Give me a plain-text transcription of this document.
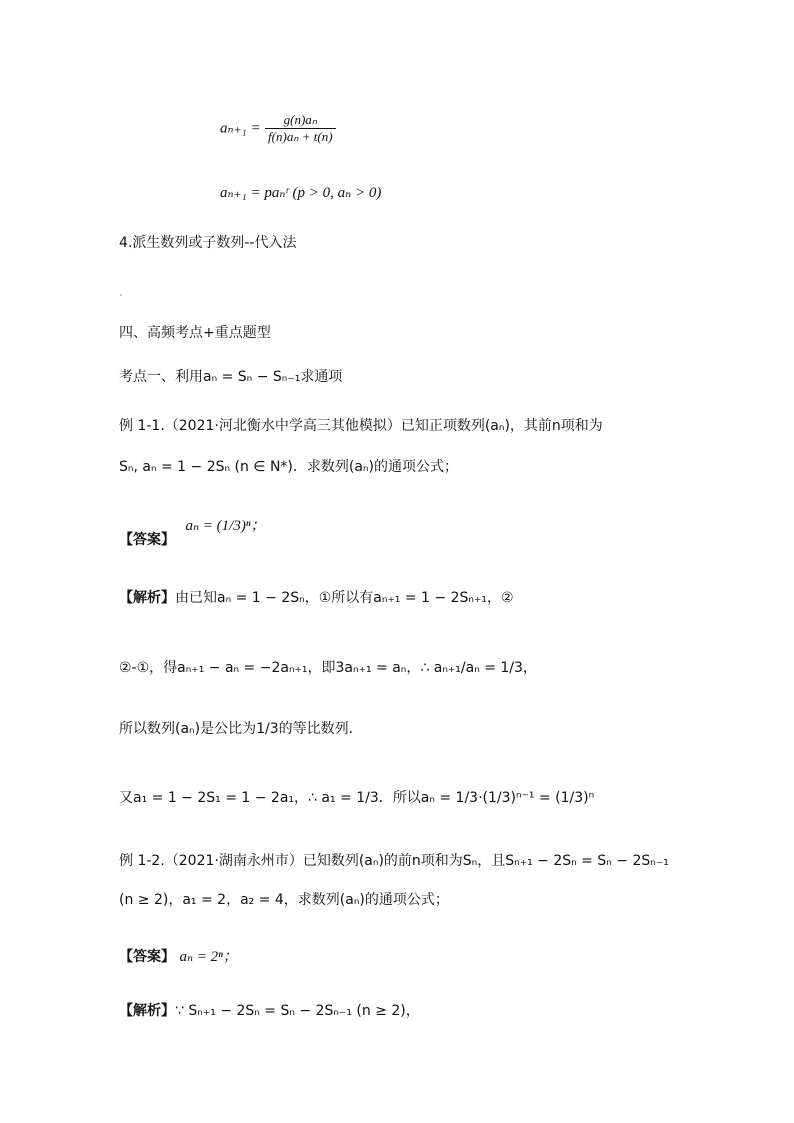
$a_{n+1} = \frac{\text{g(n)aₙ}}{\text{f(n)aₙ + t(n)}}$
aₙ₊₁ = paₙʳ (p > 0, aₙ > 0)
4.派生数列或子数列--代入法
四、高频考点+重点题型
考点一、利用aₙ = Sₙ − Sₙ₋₁求通项
例 1-1.（2021·河北衡水中学高三其他模拟）已知正项数列(aₙ)，其前n项和为
Sₙ, aₙ = 1 − 2Sₙ (n ∈ N*)．求数列(aₙ)的通项公式；
【答案】 aₙ = (1/3)ⁿ；
【解析】由已知aₙ = 1 − 2Sₙ，①所以有aₙ₊₁ = 1 − 2Sₙ₊₁，②
②-①，得aₙ₊₁ − aₙ = −2aₙ₊₁，即3aₙ₊₁ = aₙ，∴ aₙ₊₁/aₙ = 1/3，
所以数列(aₙ)是公比为1/3的等比数列．
又a₁ = 1 − 2S₁ = 1 − 2a₁，∴ a₁ = 1/3．所以aₙ = 1/3·(1/3)ⁿ⁻¹ = (1/3)ⁿ
例 1-2.（2021·湖南永州市）已知数列(aₙ)的前n项和为Sₙ，且Sₙ₊₁ − 2Sₙ = Sₙ − 2Sₙ₋₁
(n ≥ 2)，a₁ = 2，a₂ = 4，求数列(aₙ)的通项公式；
【答案】 aₙ = 2ⁿ；
【解析】∵ Sₙ₊₁ − 2Sₙ = Sₙ − 2Sₙ₋₁ (n ≥ 2)，
